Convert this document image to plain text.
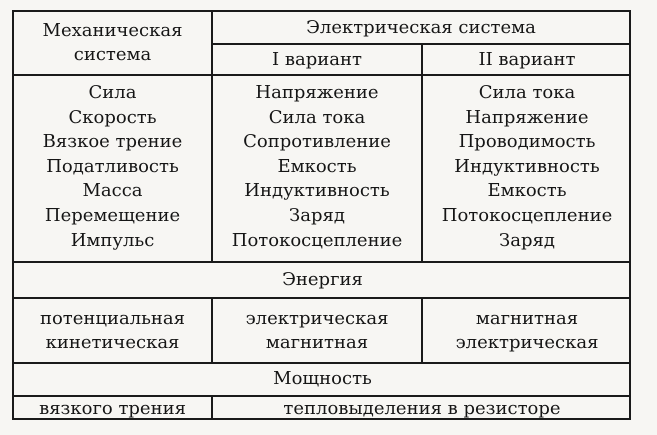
Механическая
система
Электрическая система
I вариант	II вариант
Сила
Скорость
Вязкое трение
Податливость
Масса
Перемещение
Импульс
Напряжение
Сила тока
Сопротивление
Емкость
Индуктивность
Заряд
Потокосцепление
Сила тока
Напряжение
Проводимость
Индуктивность
Емкость
Потокосцепление
Заряд
Энергия
потенциальная
кинетическая
электрическая
магнитная
магнитная
электрическая
Мощность
вязкого трения	тепловыделения в резисторе
